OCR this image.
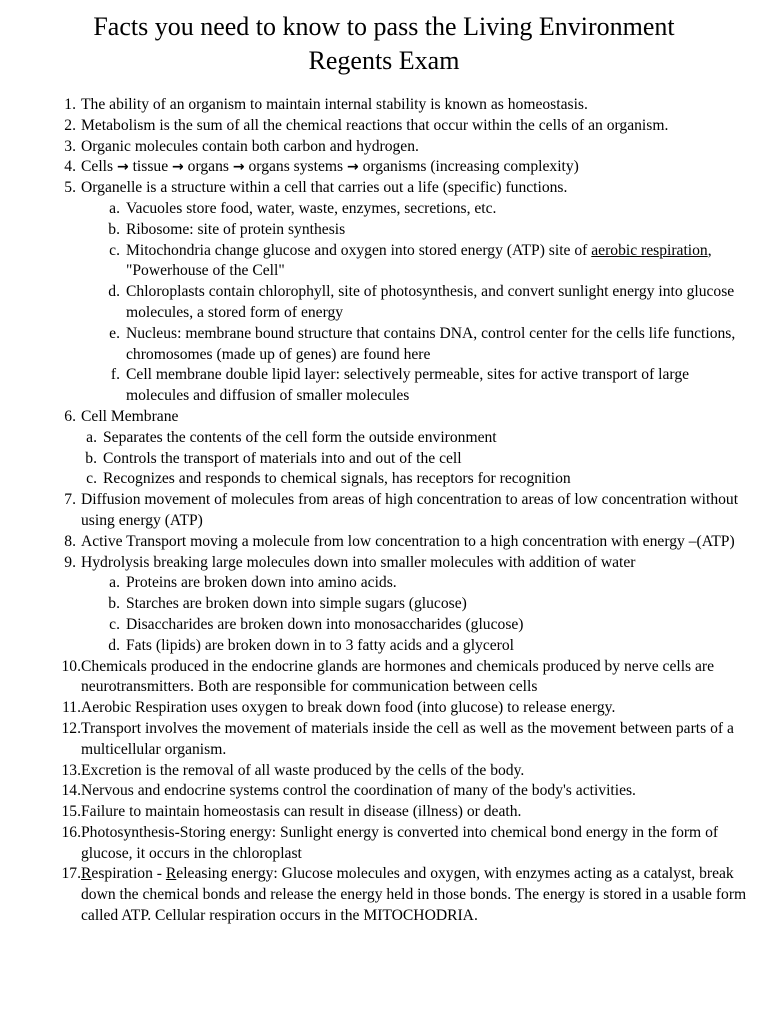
Facts you need to know to pass the Living Environment
Regents Exam
1. The ability of an organism to maintain internal stability is known as homeostasis.
2. Metabolism is the sum of all the chemical reactions that occur within the cells of an organism.
3. Organic molecules contain both carbon and hydrogen.
4. Cells → tissue → organs → organs systems → organisms (increasing complexity)
5. Organelle is a structure within a cell that carries out a life (specific) functions.
a. Vacuoles store food, water, waste, enzymes, secretions, etc.
b. Ribosome: site of protein synthesis
c. Mitochondria change glucose and oxygen into stored energy (ATP) site of aerobic respiration, "Powerhouse of the Cell"
d. Chloroplasts contain chlorophyll, site of photosynthesis, and convert sunlight energy into glucose molecules, a stored form of energy
e. Nucleus: membrane bound structure that contains DNA, control center for the cells life functions, chromosomes (made up of genes) are found here
f. Cell membrane double lipid layer: selectively permeable, sites for active transport of large molecules and diffusion of smaller molecules
6. Cell Membrane
a. Separates the contents of the cell form the outside environment
b. Controls the transport of materials into and out of the cell
c. Recognizes and responds to chemical signals, has receptors for recognition
7. Diffusion movement of molecules from areas of high concentration to areas of low concentration without using energy (ATP)
8. Active Transport moving a molecule from low concentration to a high concentration with energy –(ATP)
9. Hydrolysis breaking large molecules down into smaller molecules with addition of water
a. Proteins are broken down into amino acids.
b. Starches are broken down into simple sugars (glucose)
c. Disaccharides are broken down into monosaccharides (glucose)
d. Fats (lipids) are broken down in to 3 fatty acids and a glycerol
10. Chemicals produced in the endocrine glands are hormones and chemicals produced by nerve cells are neurotransmitters. Both are responsible for communication between cells
11. Aerobic Respiration uses oxygen to break down food (into glucose) to release energy.
12. Transport involves the movement of materials inside the cell as well as the movement between parts of a multicellular organism.
13. Excretion is the removal of all waste produced by the cells of the body.
14. Nervous and endocrine systems control the coordination of many of the body's activities.
15. Failure to maintain homeostasis can result in disease (illness) or death.
16. Photosynthesis-Storing energy: Sunlight energy is converted into chemical bond energy in the form of glucose, it occurs in the chloroplast
17. Respiration - Releasing energy: Glucose molecules and oxygen, with enzymes acting as a catalyst, break down the chemical bonds and release the energy held in those bonds. The energy is stored in a usable form called ATP. Cellular respiration occurs in the MITOCHODRIA.
